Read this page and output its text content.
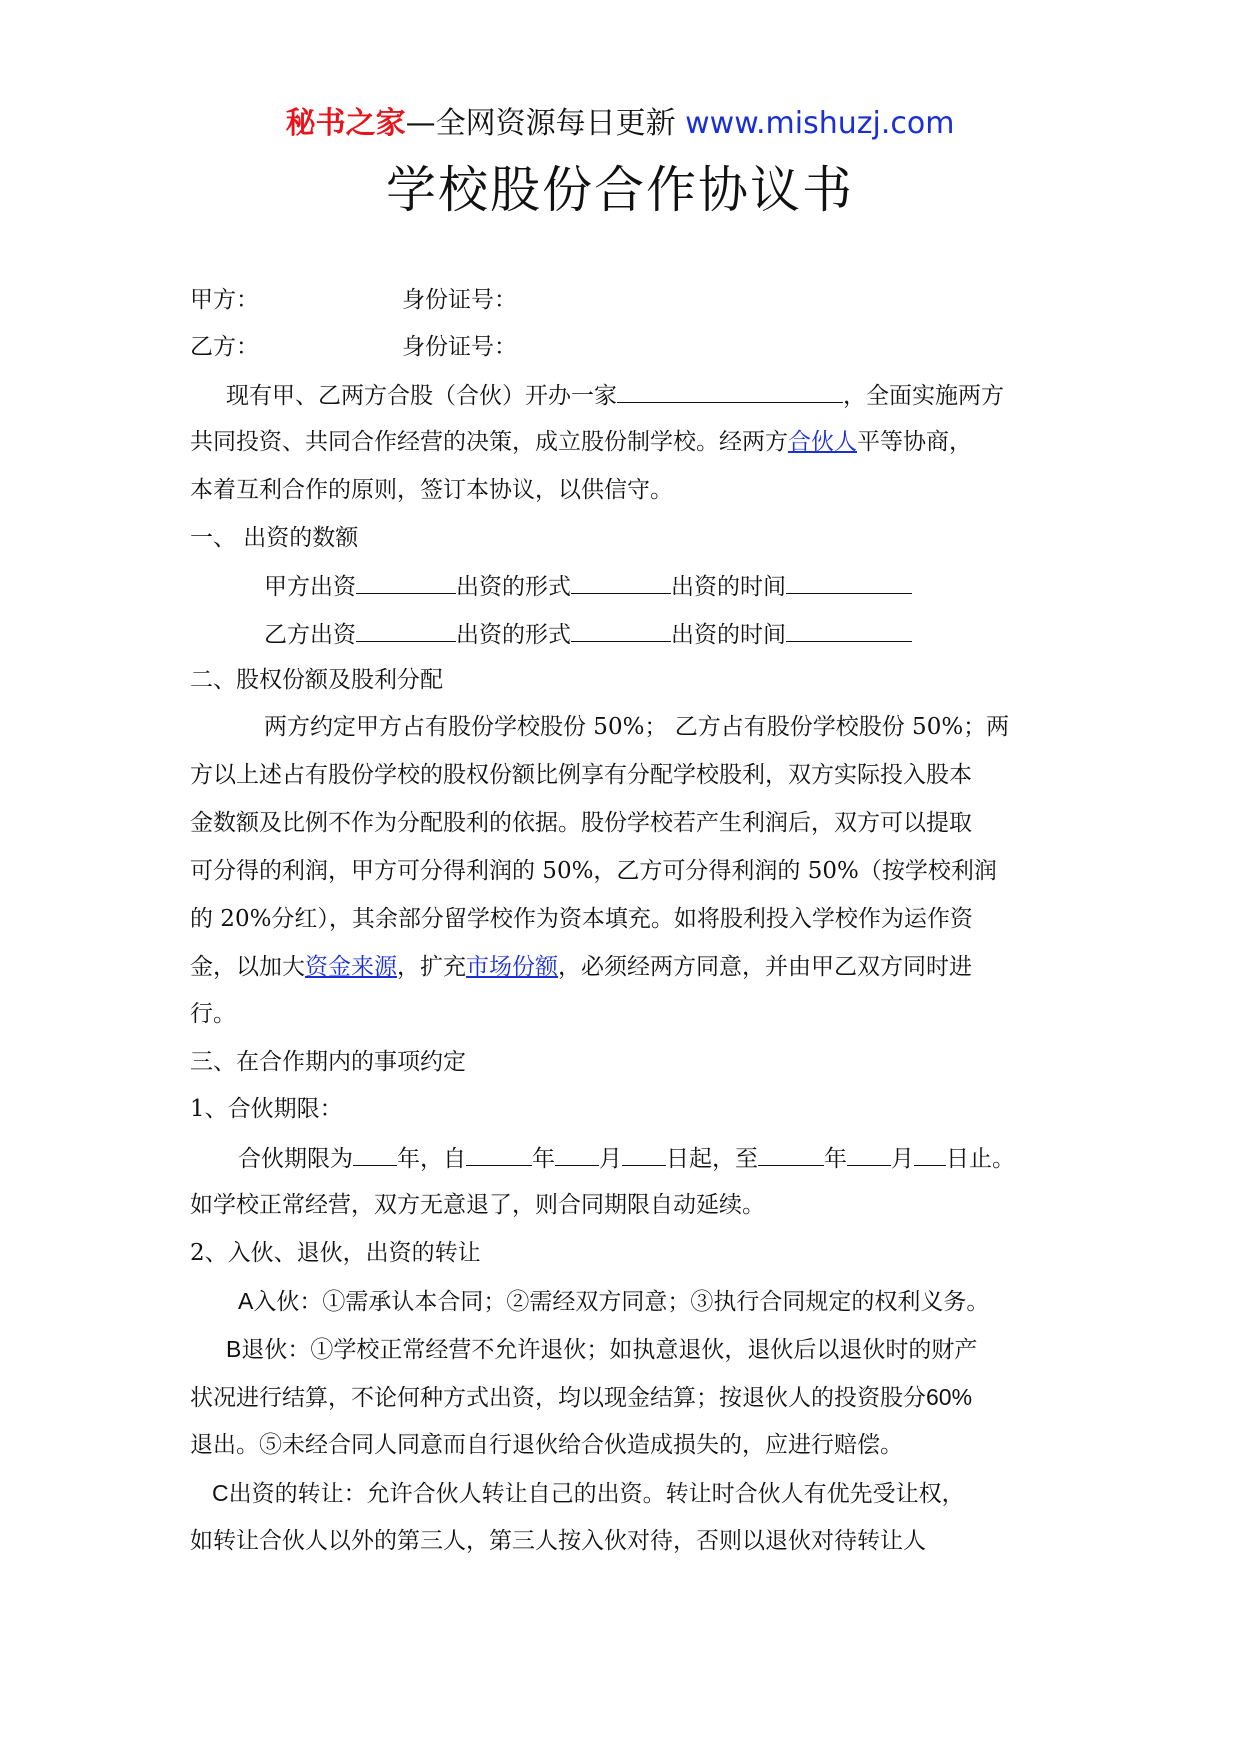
秘书之家—全网资源每日更新 www.mishuzj.com
学校股份合作协议书
甲方：	身份证号：
乙方：	身份证号：
现有甲、乙两方合股（合伙）开办一家	，全面实施两方
共同投资、共同合作经营的决策，成立股份制学校。经两方合伙人平等协商，
本着互利合作的原则，签订本协议，以供信守。
一、 出资的数额
甲方出资	出资的形式	出资的时间
乙方出资	出资的形式	出资的时间
二、股权份额及股利分配
两方约定甲方占有股份学校股份 50%； 乙方占有股份学校股份 50%；两
方以上述占有股份学校的股权份额比例享有分配学校股利，双方实际投入股本
金数额及比例不作为分配股利的依据。股份学校若产生利润后，双方可以提取
可分得的利润，甲方可分得利润的 50%，乙方可分得利润的 50%（按学校利润
的 20%分红），其余部分留学校作为资本填充。如将股利投入学校作为运作资
金，以加大资金来源，扩充市场份额，必须经两方同意，并由甲乙双方同时进
行。
三、在合作期内的事项约定
1、合伙期限：
合伙期限为 年，自	年 月 日起，至	年 月 日止。
如学校正常经营，双方无意退了，则合同期限自动延续。
2、入伙、退伙，出资的转让
A入伙：①需承认本合同；②需经双方同意；③执行合同规定的权利义务。
B退伙：①学校正常经营不允许退伙；如执意退伙，退伙后以退伙时的财产
状况进行结算，不论何种方式出资，均以现金结算；按退伙人的投资股分60%
退出。⑤未经合同人同意而自行退伙给合伙造成损失的，应进行赔偿。
C出资的转让：允许合伙人转让自己的出资。转让时合伙人有优先受让权，
如转让合伙人以外的第三人，第三人按入伙对待，否则以退伙对待转让人
